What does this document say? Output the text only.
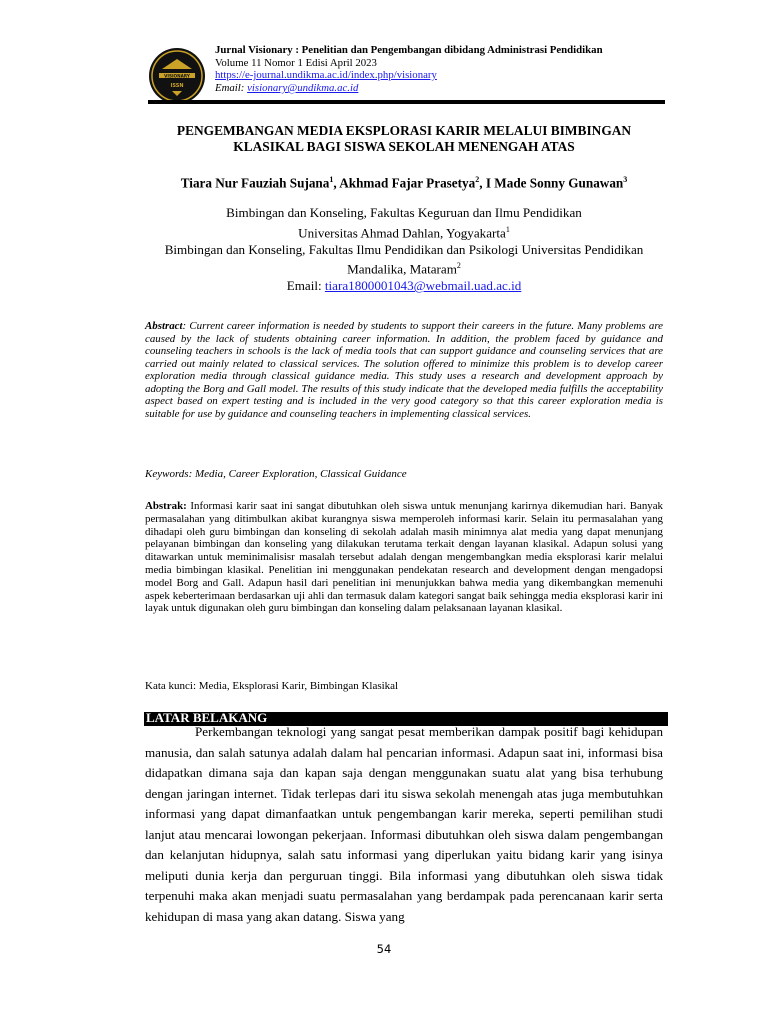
VISIONARY
ISSN
Jurnal Visionary : Penelitian dan Pengembangan dibidang Administrasi Pendidikan
Volume 11 Nomor 1 Edisi April 2023
https://e-journal.undikma.ac.id/index.php/visionary
Email: visionary@undikma.ac.id
PENGEMBANGAN MEDIA EKSPLORASI KARIR MELALUI BIMBINGAN
KLASIKAL BAGI SISWA SEKOLAH MENENGAH ATAS
Tiara Nur Fauziah Sujana$^1$, Akhmad Fajar Prasetya$^2$, I Made Sonny Gunawan$^3$
Bimbingan dan Konseling, Fakultas Keguruan dan Ilmu Pendidikan
Universitas Ahmad Dahlan, Yogyakarta$^1$
Bimbingan dan Konseling, Fakultas Ilmu Pendidikan dan Psikologi Universitas Pendidikan
Mandalika, Mataram$^2$
Email: tiara1800001043@webmail.uad.ac.id
Abstract: Current career information is needed by students to support their careers in the future. Many problems are caused by the lack of students obtaining career information. In addition, the problem faced by guidance and counseling teachers in schools is the lack of media tools that can support guidance and counseling services that are carried out mainly related to classical services. The solution offered to minimize this problem is to develop career exploration media through classical guidance media. This study uses a research and development approach by adopting the Borg and Gall model. The results of this study indicate that the developed media fulfills the acceptability aspect based on expert testing and is included in the very good category so that this career exploration media is suitable for use by guidance and counseling teachers in implementing classical services.
Keywords: Media, Career Exploration, Classical Guidance
Abstrak: Informasi karir saat ini sangat dibutuhkan oleh siswa untuk menunjang karirnya dikemudian hari. Banyak permasalahan yang ditimbulkan akibat kurangnya siswa memperoleh informasi karir. Selain itu permasalahan yang dihadapi oleh guru bimbingan dan konseling di sekolah adalah masih minimnya alat media yang dapat menunjang pelayanan bimbingan dan konseling yang dilakukan terutama terkait dengan layanan klasikal. Adapun solusi yang ditawarkan untuk meminimalisisr masalah tersebut adalah dengan mengembangkan media eksplorasi karir melalui media bimbingan klasikal. Penelitian ini menggunakan pendekatan research and development dengan mengadopsi model Borg and Gall. Adapun hasil dari penelitian ini menunjukkan bahwa media yang dikembangkan memenuhi aspek keberterimaan berdasarkan uji ahli dan termasuk dalam kategori sangat baik sehingga media eksplorasi karir ini layak untuk digunakan oleh guru bimbingan dan konseling dalam pelaksanaan layanan klasikal.
Kata kunci: Media, Eksplorasi Karir, Bimbingan Klasikal
LATAR BELAKANG
Perkembangan teknologi yang sangat pesat memberikan dampak positif bagi kehidupan manusia, dan salah satunya adalah dalam hal pencarian informasi. Adapun saat ini, informasi bisa didapatkan dimana saja dan kapan saja dengan menggunakan suatu alat yang bisa terhubung dengan jaringan internet. Tidak terlepas dari itu siswa sekolah menengah atas juga membutuhkan informasi yang dapat dimanfaatkan untuk pengembangan karir mereka, seperti pemilihan studi lanjut atau mencarai lowongan pekerjaan. Informasi dibutuhkan oleh siswa dalam pengembangan dan kelanjutan hidupnya, salah satu informasi yang diperlukan yaitu bidang karir yang isinya meliputi dunia kerja dan perguruan tinggi. Bila informasi yang dibutuhkan oleh siswa tidak terpenuhi maka akan menjadi suatu permasalahan yang berdampak pada perencanaan karir serta kehidupan di masa yang akan datang. Siswa yang
54
